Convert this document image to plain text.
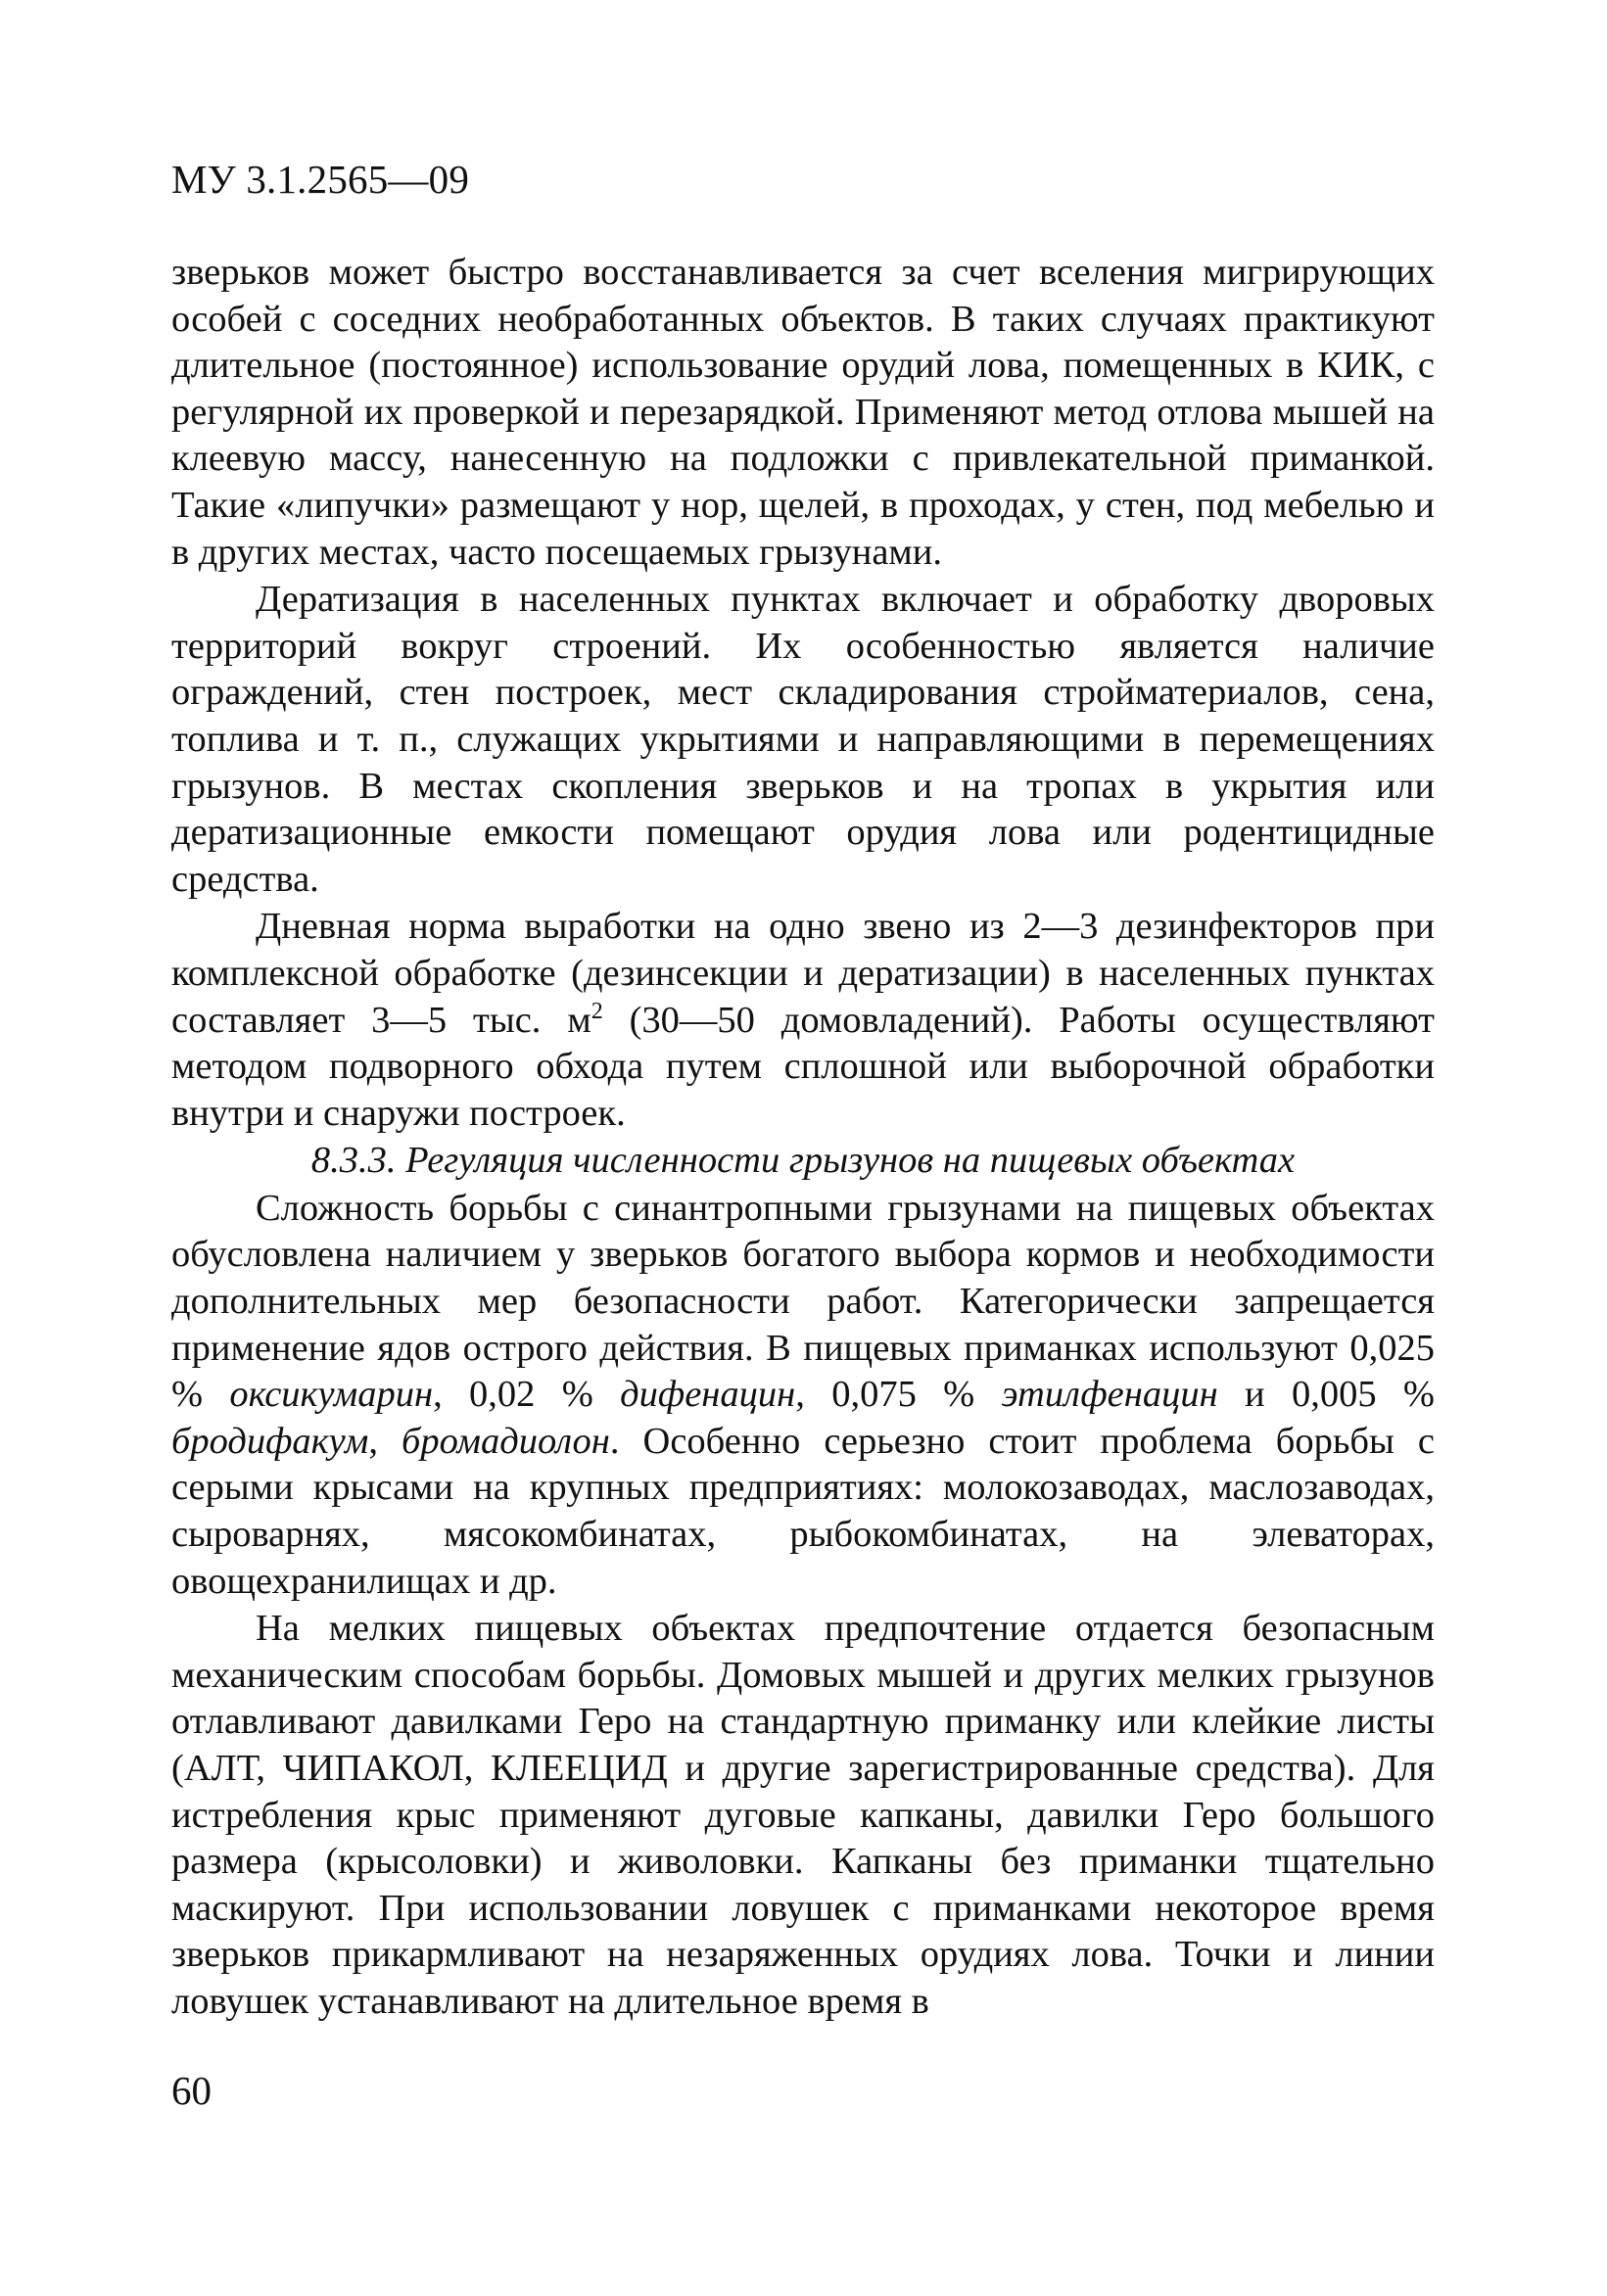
МУ 3.1.2565—09

зверьков может быстро восстанавливается за счет вселения мигрирующих особей с соседних необработанных объектов. В таких случаях практикуют длительное (постоянное) использование орудий лова, помещенных в КИК, с регулярной их проверкой и перезарядкой. Применяют метод отлова мышей на клеевую массу, нанесенную на подложки с привлекательной приманкой. Такие «липучки» размещают у нор, щелей, в проходах, у стен, под мебелью и в других местах, часто посещаемых грызунами.

Дератизация в населенных пунктах включает и обработку дворовых территорий вокруг строений. Их особенностью является наличие ограждений, стен построек, мест складирования стройматериалов, сена, топлива и т. п., служащих укрытиями и направляющими в перемещениях грызунов. В местах скопления зверьков и на тропах в укрытия или дератизационные емкости помещают орудия лова или родентицидные средства.

Дневная норма выработки на одно звено из 2—3 дезинфекторов при комплексной обработке (дезинсекции и дератизации) в населенных пунктах составляет 3—5 тыс. $м^2$ (30—50 домовладений). Работы осуществляют методом подворного обхода путем сплошной или выборочной обработки внутри и снаружи построек.

8.3.3. Регуляция численности грызунов на пищевых объектах

Сложность борьбы с синантропными грызунами на пищевых объектах обусловлена наличием у зверьков богатого выбора кормов и необходимости дополнительных мер безопасности работ. Категорически запрещается применение ядов острого действия. В пищевых приманках используют 0,025 % оксикумарин, 0,02 % дифенацин, 0,075 % этилфенацин и 0,005 % бродифакум, бромадиолон. Особенно серьезно стоит проблема борьбы с серыми крысами на крупных предприятиях: молокозаводах, маслозаводах, сыроварнях, мясокомбинатах, рыбокомбинатах, на элеваторах, овощехранилищах и др.

На мелких пищевых объектах предпочтение отдается безопасным механическим способам борьбы. Домовых мышей и других мелких грызунов отлавливают давилками Геро на стандартную приманку или клейкие листы (АЛТ, ЧИПАКОЛ, КЛЕЕЦИД и другие зарегистрированные средства). Для истребления крыс применяют дуговые капканы, давилки Геро большого размера (крысоловки) и живоловки. Капканы без приманки тщательно маскируют. При использовании ловушек с приманками некоторое время зверьков прикармливают на незаряженных орудиях лова. Точки и линии ловушек устанавливают на длительное время в

60
